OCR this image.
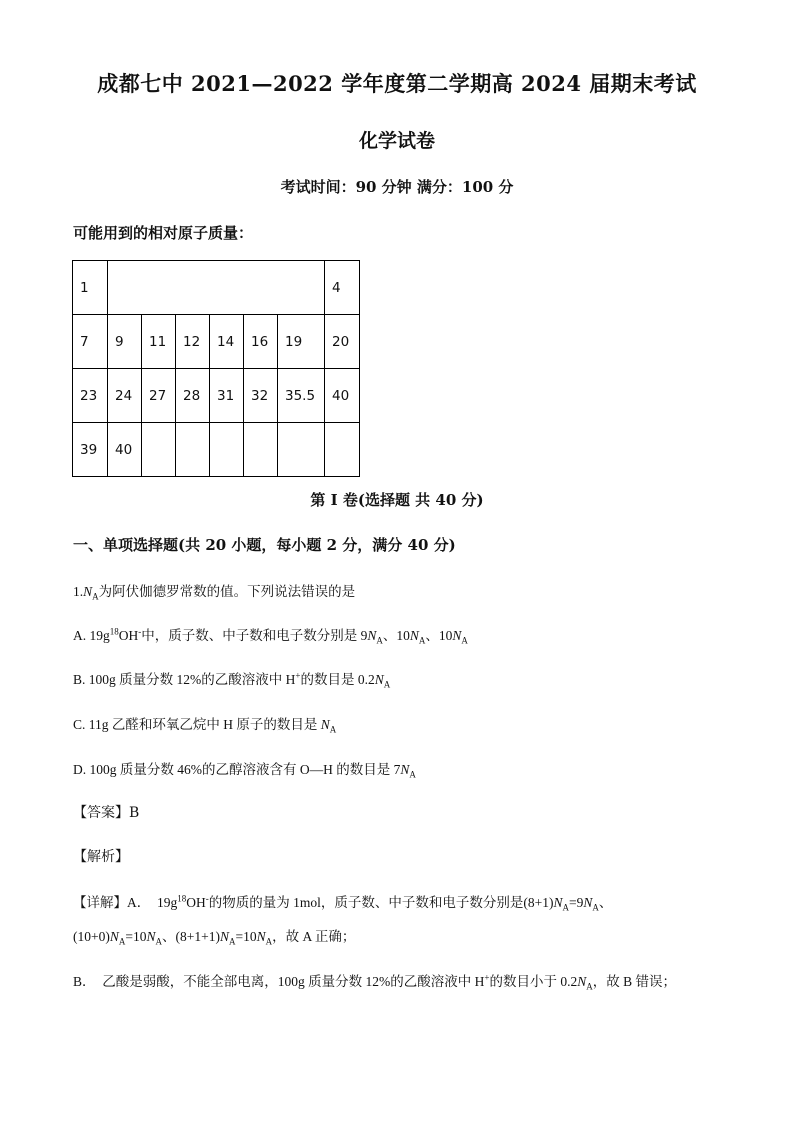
成都七中 2021—2022 学年度第二学期高 2024 届期末考试
化学试卷
考试时间：90 分钟 满分：100 分
可能用到的相对原子质量：
1							4
7	9	11	12	14	16	19	20
23	24	27	28	31	32	35.5	40
39	40						
第 I 卷(选择题 共 40 分)
一、单项选择题(共 20 小题，每小题 2 分，满分 40 分)
$1.N_A$为阿伏伽德罗常数的值。下列说法错误的是
A. $19g^{18}OH^-$中，质子数、中子数和电子数分别是 $9N_A$、$10N_A$、$10N_A$
B. 100g 质量分数 12%的乙酸溶液中 H+的数目是 $0.2N_A$
C. 11g 乙醛和环氧乙烷中 H 原子的数目是 $N_A$
D. 100g 质量分数 46%的乙醇溶液含有 O—H 的数目是 $7N_A$
【答案】B
【解析】
【详解】A．　$19g^{18}OH^-$的物质的量为 1mol，质子数、中子数和电子数分别是$(8+1)N_A=9N_A$、
$(10+0)N_A=10N_A$、$(8+1+1)N_A=10N_A$，故 A 正确；
B．　乙酸是弱酸，不能全部电离，100g 质量分数 12%的乙酸溶液中 H+的数目小于 $0.2N_A$，故 B 错误；
